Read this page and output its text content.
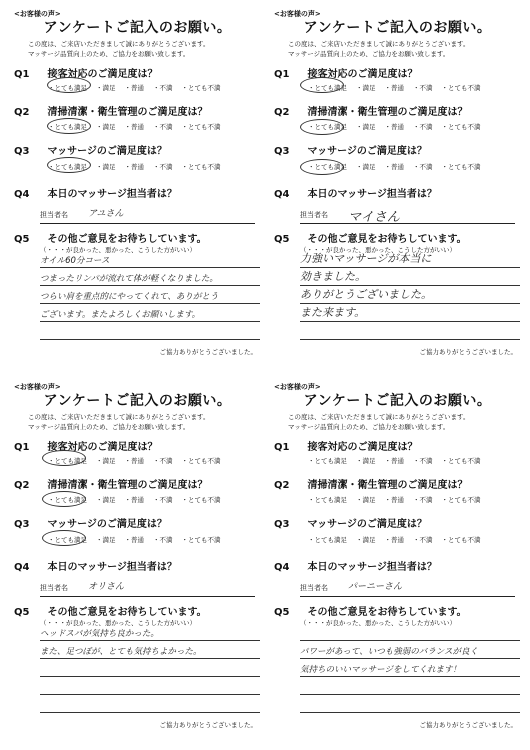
<お客様の声>
アンケートご記入のお願い。
この度は、ご来店いただきまして誠にありがとうございます。
マッサージ品質向上のため、ご協力をお願い致します。
Q1 接客対応のご満足度は？
・とても満足 ・満足 ・普通 ・不満 ・とても不満
Q2 清掃清潔・衛生管理のご満足度は？
・とても満足 ・満足 ・普通 ・不満 ・とても不満
Q3 マッサージのご満足度は？
・とても満足 ・満足 ・普通 ・不満 ・とても不満
Q4 本日のマッサージ担当者は？
Q5 その他ご意見をお待ちしています。
担当者名 アユさん
（・・・が良かった、悪かった、こうした方がいい）
オイル60分コース
つまったリンパが流れて体が軽くなりました。
つらい肩を重点的にやってくれて、ありがとう
ございます。またよろしくお願いします。
ご協力ありがとうございました。
<お客様の声>
アンケートご記入のお願い。
この度は、ご来店いただきまして誠にありがとうございます。
マッサージ品質向上のため、ご協力をお願い致します。
Q1 接客対応のご満足度は？
・とても満足 ・満足 ・普通 ・不満 ・とても不満
Q2 清掃清潔・衛生管理のご満足度は？
・とても満足 ・満足 ・普通 ・不満 ・とても不満
Q3 マッサージのご満足度は？
・とても満足 ・満足 ・普通 ・不満 ・とても不満
Q4 本日のマッサージ担当者は？
Q5 その他ご意見をお待ちしています。
担当者名 マイさん
（・・・が良かった、悪かった、こうした方がいい）
力強いマッサージが本当に
効きました。
ありがとうございました。
また来ます。
ご協力ありがとうございました。
<お客様の声>
アンケートご記入のお願い。
この度は、ご来店いただきまして誠にありがとうございます。
マッサージ品質向上のため、ご協力をお願い致します。
Q1 接客対応のご満足度は？
・とても満足 ・満足 ・普通 ・不満 ・とても不満
Q2 清掃清潔・衛生管理のご満足度は？
・とても満足 ・満足 ・普通 ・不満 ・とても不満
Q3 マッサージのご満足度は？
・とても満足 ・満足 ・普通 ・不満 ・とても不満
Q4 本日のマッサージ担当者は？
Q5 その他ご意見をお待ちしています。
担当者名 オリさん
（・・・が良かった、悪かった、こうした方がいい）
ヘッドスパが気持ち良かった。
また、足つぼが、とても気持ちよかった。
ご協力ありがとうございました。
<お客様の声>
アンケートご記入のお願い。
この度は、ご来店いただきまして誠にありがとうございます。
マッサージ品質向上のため、ご協力をお願い致します。
Q1 接客対応のご満足度は？
・とても満足 ・満足 ・普通 ・不満 ・とても不満
Q2 清掃清潔・衛生管理のご満足度は？
・とても満足 ・満足 ・普通 ・不満 ・とても不満
Q3 マッサージのご満足度は？
・とても満足 ・満足 ・普通 ・不満 ・とても不満
Q4 本日のマッサージ担当者は？
Q5 その他ご意見をお待ちしています。
担当者名 パーニーさん
（・・・が良かった、悪かった、こうした方がいい）
パワーがあって、いつも強弱のバランスが良く
気持ちのいいマッサージをしてくれます！
ご協力ありがとうございました。
